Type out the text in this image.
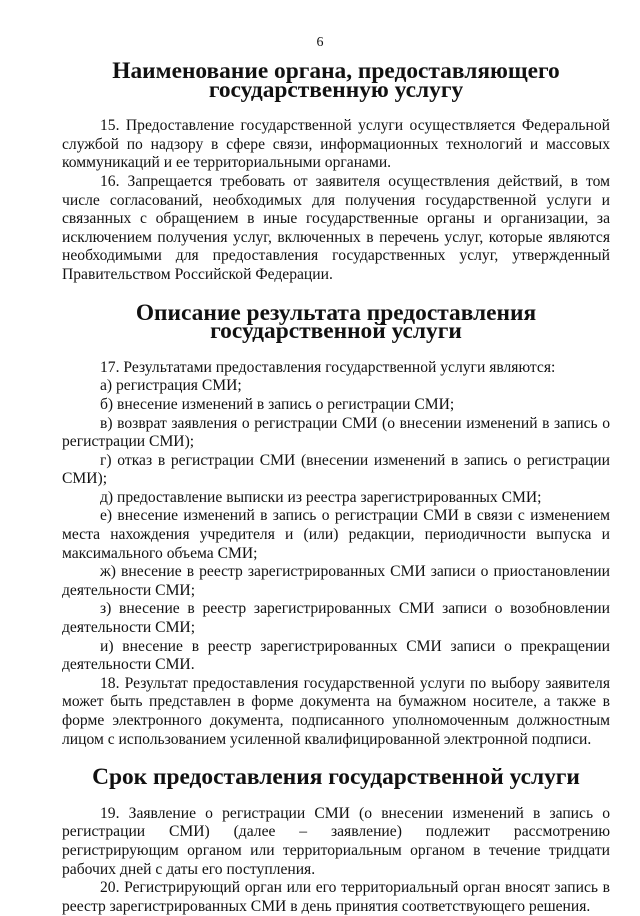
6
Наименование органа, предоставляющего государственную услугу

15. Предоставление государственной услуги осуществляется Федеральной службой по надзору в сфере связи, информационных технологий и массовых коммуникаций и ее территориальными органами.

16. Запрещается требовать от заявителя осуществления действий, в том числе согласований, необходимых для получения государственной услуги и связанных с обращением в иные государственные органы и организации, за исключением получения услуг, включенных в перечень услуг, которые являются необходимыми для предоставления государственных услуг, утвержденный Правительством Российской Федерации.

Описание результата предоставления государственной услуги

17. Результатами предоставления государственной услуги являются:

а) регистрация СМИ;

б) внесение изменений в запись о регистрации СМИ;

в) возврат заявления о регистрации СМИ (о внесении изменений в запись о регистрации СМИ);

г) отказ в регистрации СМИ (внесении изменений в запись о регистрации СМИ);

д) предоставление выписки из реестра зарегистрированных СМИ;

е) внесение изменений в запись о регистрации СМИ в связи с изменением места нахождения учредителя и (или) редакции, периодичности выпуска и максимального объема СМИ;

ж) внесение в реестр зарегистрированных СМИ записи о приостановлении деятельности СМИ;

з) внесение в реестр зарегистрированных СМИ записи о возобновлении деятельности СМИ;

и) внесение в реестр зарегистрированных СМИ записи о прекращении деятельности СМИ.

18. Результат предоставления государственной услуги по выбору заявителя может быть представлен в форме документа на бумажном носителе, а также в форме электронного документа, подписанного уполномоченным должностным лицом с использованием усиленной квалифицированной электронной подписи.

Срок предоставления государственной услуги

19. Заявление о регистрации СМИ (о внесении изменений в запись о регистрации СМИ) (далее – заявление) подлежит рассмотрению регистрирующим органом или территориальным органом в течение тридцати рабочих дней с даты его поступления.

20. Регистрирующий орган или его территориальный орган вносят запись в реестр зарегистрированных СМИ в день принятия соответствующего решения.
